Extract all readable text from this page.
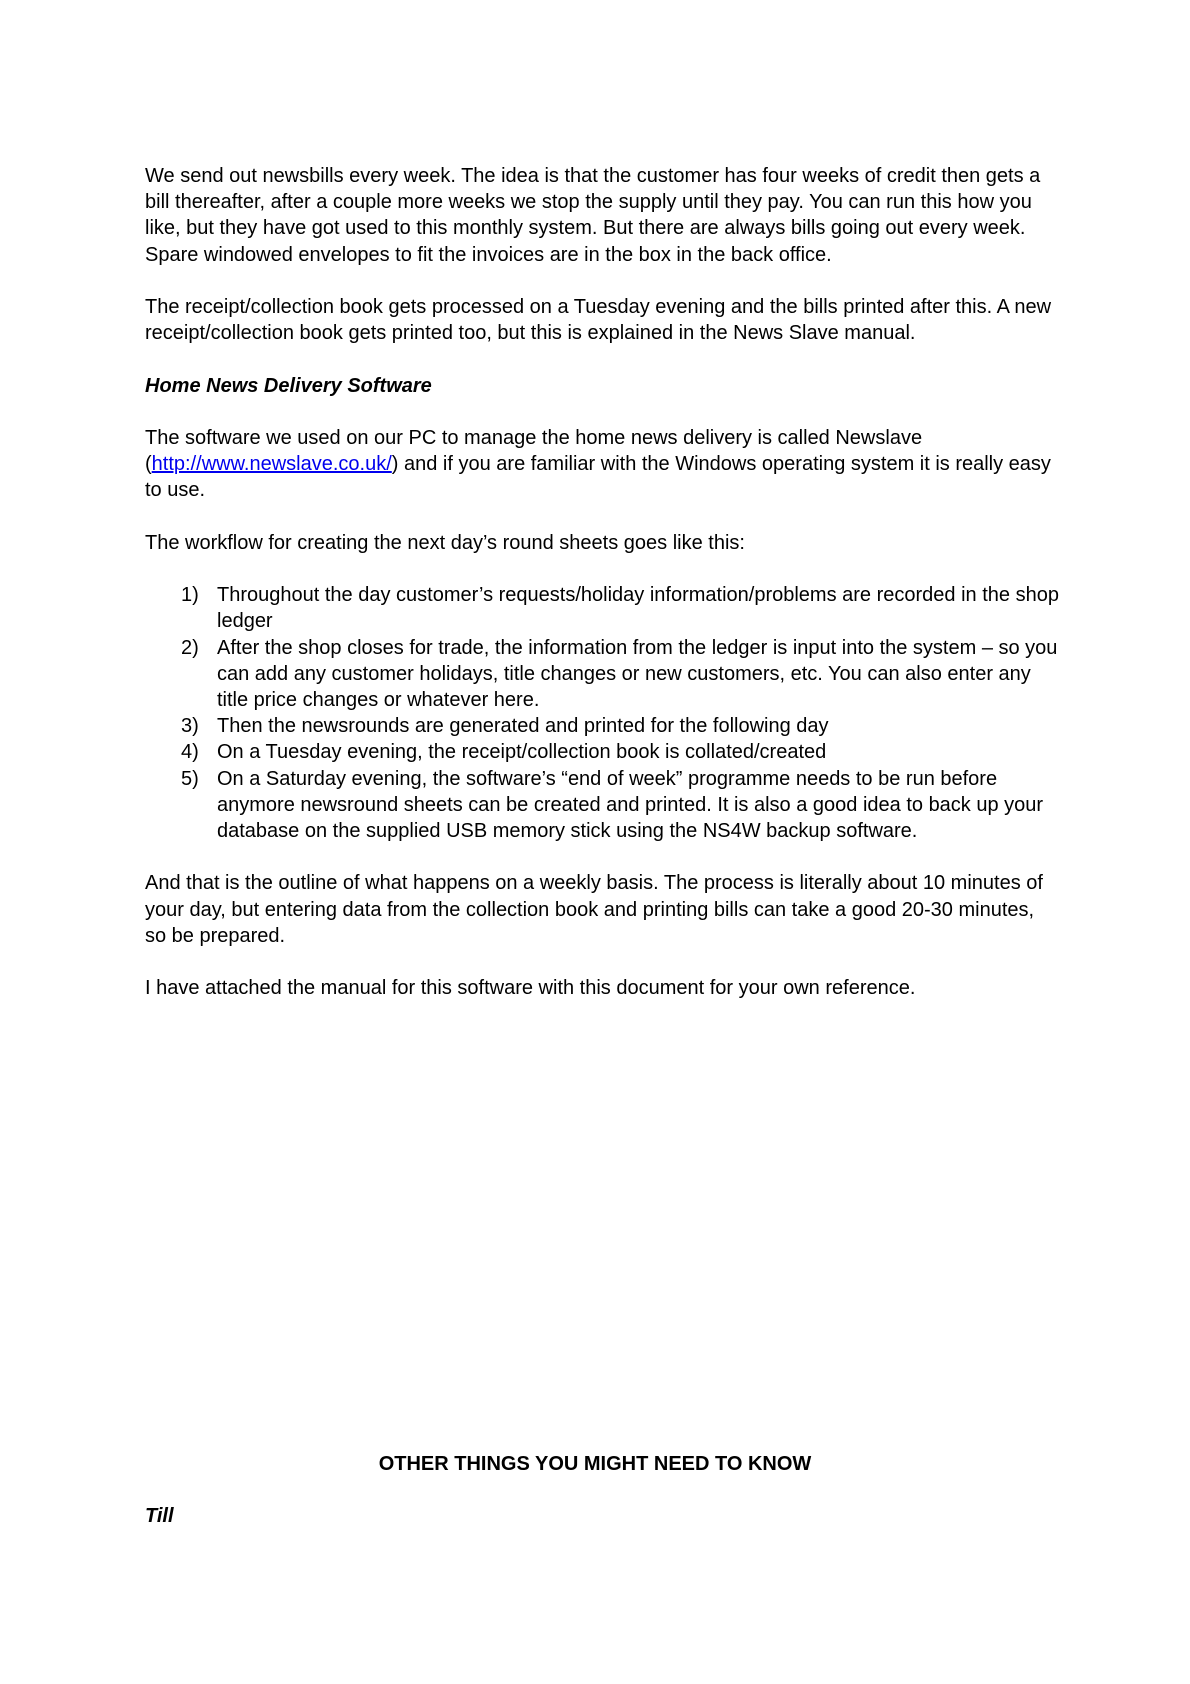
We send out newsbills every week. The idea is that the customer has four weeks of credit then gets a bill thereafter, after a couple more weeks we stop the supply until they pay. You can run this how you like, but they have got used to this monthly system. But there are always bills going out every week. Spare windowed envelopes to fit the invoices are in the box in the back office.

The receipt/collection book gets processed on a Tuesday evening and the bills printed after this. A new receipt/collection book gets printed too, but this is explained in the News Slave manual.

Home News Delivery Software

The software we used on our PC to manage the home news delivery is called Newslave (http://www.newslave.co.uk/) and if you are familiar with the Windows operating system it is really easy to use.

The workflow for creating the next day’s round sheets goes like this:

1) Throughout the day customer’s requests/holiday information/problems are recorded in the shop ledger
2) After the shop closes for trade, the information from the ledger is input into the system – so you can add any customer holidays, title changes or new customers, etc. You can also enter any title price changes or whatever here.
3) Then the newsrounds are generated and printed for the following day
4) On a Tuesday evening, the receipt/collection book is collated/created
5) On a Saturday evening, the software’s “end of week” programme needs to be run before anymore newsround sheets can be created and printed. It is also a good idea to back up your database on the supplied USB memory stick using the NS4W backup software.

And that is the outline of what happens on a weekly basis. The process is literally about 10 minutes of your day, but entering data from the collection book and printing bills can take a good 20-30 minutes, so be prepared.

I have attached the manual for this software with this document for your own reference.

OTHER THINGS YOU MIGHT NEED TO KNOW
Till
